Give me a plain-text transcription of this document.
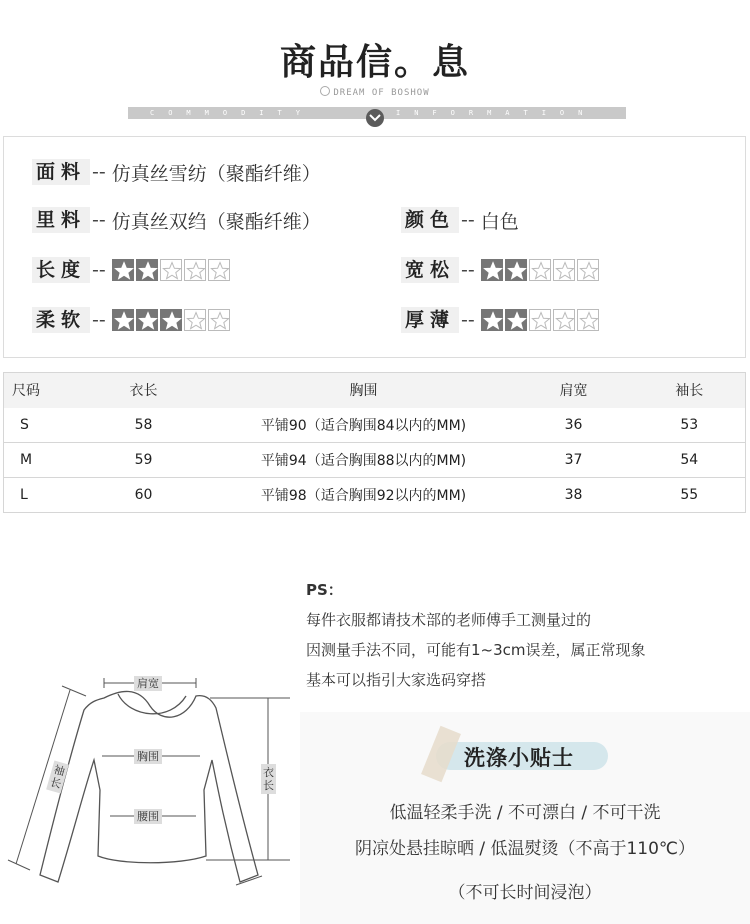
商品信。息
DREAM OF BOSHOW
COMMODITY	INFORMATION
面料 -- 仿真丝雪纺（聚酯纤维）
里料 -- 仿真丝双绉（聚酯纤维）	颜色 -- 白色
长度 --	宽松 --
柔软 --	厚薄 --
尺码	衣长	胸围	肩宽	袖长
S	58	平铺90（适合胸围84以内的MM)	36	53
M	59	平铺94（适合胸围88以内的MM)	37	54
L	60	平铺98（适合胸围92以内的MM)	38	55
PS：
每件衣服都请技术部的老师傅手工测量过的
因测量手法不同，可能有1~3cm误差，属正常现象
基本可以指引大家选码穿搭
肩宽
胸围
腰围
衣长
袖长
洗涤小贴士
低温轻柔手洗 / 不可漂白 / 不可干洗
阴凉处悬挂晾晒 / 低温熨烫（不高于110℃）
（不可长时间浸泡）
